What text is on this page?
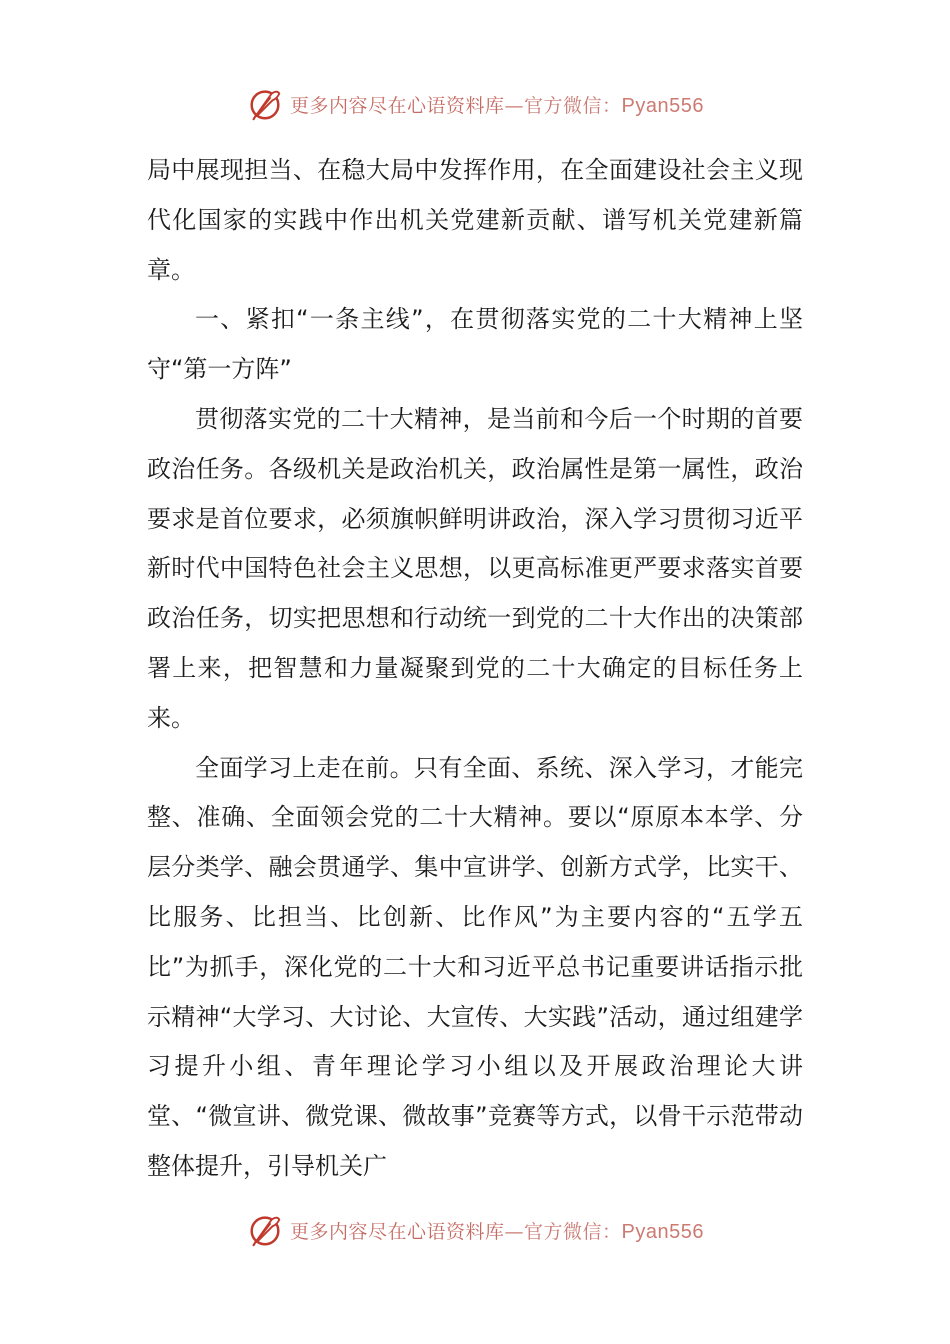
更多内容尽在心语资料库—官方微信：Pyan556

局中展现担当、在稳大局中发挥作用，在全面建设社会主义现代化国家的实践中作出机关党建新贡献、谱写机关党建新篇章。

一、紧扣“一条主线”，在贯彻落实党的二十大精神上坚守“第一方阵”

贯彻落实党的二十大精神，是当前和今后一个时期的首要政治任务。各级机关是政治机关，政治属性是第一属性，政治要求是首位要求，必须旗帜鲜明讲政治，深入学习贯彻习近平新时代中国特色社会主义思想，以更高标准更严要求落实首要政治任务，切实把思想和行动统一到党的二十大作出的决策部署上来，把智慧和力量凝聚到党的二十大确定的目标任务上来。

全面学习上走在前。只有全面、系统、深入学习，才能完整、准确、全面领会党的二十大精神。要以“原原本本学、分层分类学、融会贯通学、集中宣讲学、创新方式学，比实干、比服务、比担当、比创新、比作风”为主要内容的“五学五比”为抓手，深化党的二十大和习近平总书记重要讲话指示批示精神“大学习、大讨论、大宣传、大实践”活动，通过组建学习提升小组、青年理论学习小组以及开展政治理论大讲堂、“微宣讲、微党课、微故事”竞赛等方式，以骨干示范带动整体提升，引导机关广

更多内容尽在心语资料库—官方微信：Pyan556
